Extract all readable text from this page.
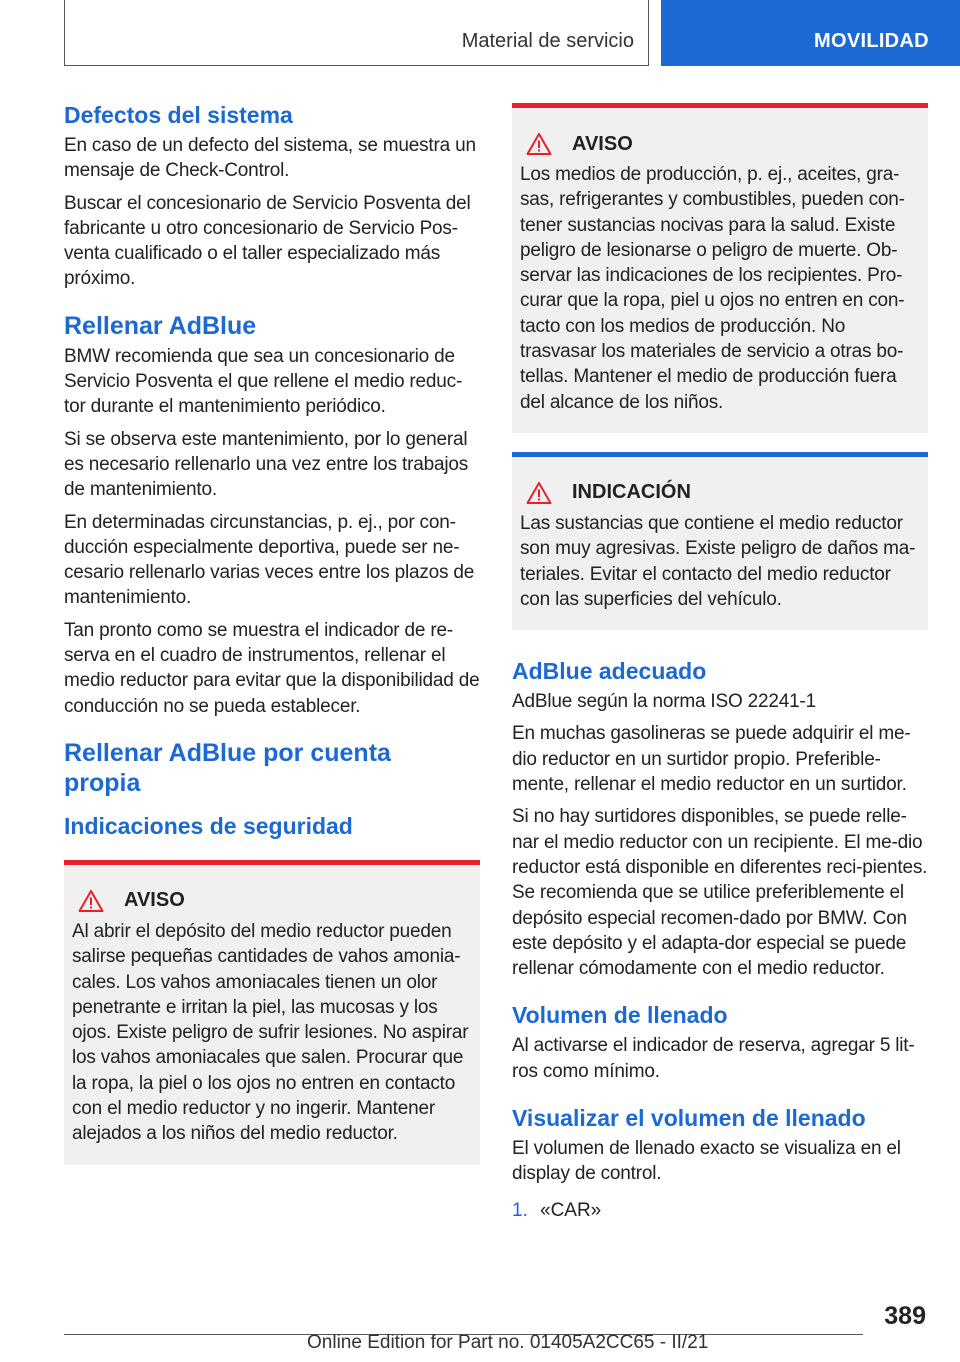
Material de servicio	MOVILIDAD
Defectos del sistema

En caso de un defecto del sistema, se muestra un mensaje de Check-Control.

Buscar el concesionario de Servicio Posventa del fabricante u otro concesionario de Servicio Pos-venta cualificado o el taller especializado más próximo.

Rellenar AdBlue

BMW recomienda que sea un concesionario de Servicio Posventa el que rellene el medio reduc-tor durante el mantenimiento periódico.

Si se observa este mantenimiento, por lo general es necesario rellenarlo una vez entre los trabajos de mantenimiento.

En determinadas circunstancias, p. ej., por con-ducción especialmente deportiva, puede ser ne-cesario rellenarlo varias veces entre los plazos de mantenimiento.

Tan pronto como se muestra el indicador de re-serva en el cuadro de instrumentos, rellenar el medio reductor para evitar que la disponibilidad de conducción no se pueda establecer.

Rellenar AdBlue por cuenta
propia
Indicaciones de seguridad
AVISO
Al abrir el depósito del medio reductor pueden salirse pequeñas cantidades de vahos amonia-cales. Los vahos amoniacales tienen un olor penetrante e irritan la piel, las mucosas y los ojos. Existe peligro de sufrir lesiones. No aspirar los vahos amoniacales que salen. Procurar que la ropa, la piel o los ojos no entren en contacto con el medio reductor y no ingerir. Mantener alejados a los niños del medio reductor.
AVISO
Los medios de producción, p. ej., aceites, gra-sas, refrigerantes y combustibles, pueden con-tener sustancias nocivas para la salud. Existe peligro de lesionarse o peligro de muerte. Ob-servar las indicaciones de los recipientes. Pro-curar que la ropa, piel u ojos no entren en con-tacto con los medios de producción. No trasvasar los materiales de servicio a otras bo-tellas. Mantener el medio de producción fuera del alcance de los niños.
INDICACIÓN
Las sustancias que contiene el medio reductor son muy agresivas. Existe peligro de daños ma-teriales. Evitar el contacto del medio reductor con las superficies del vehículo.
AdBlue adecuado

AdBlue según la norma ISO 22241-1

En muchas gasolineras se puede adquirir el me-dio reductor en un surtidor propio. Preferible-mente, rellenar el medio reductor en un surtidor.

Si no hay surtidores disponibles, se puede relle-nar el medio reductor con un recipiente. El me-dio reductor está disponible en diferentes reci-pientes. Se recomienda que se utilice preferiblemente el depósito especial recomen-dado por BMW. Con este depósito y el adapta-dor especial se puede rellenar cómodamente con el medio reductor.

Volumen de llenado

Al activarse el indicador de reserva, agregar 5 lit-ros como mínimo.

Visualizar el volumen de llenado

El volumen de llenado exacto se visualiza en el display de control.

1. «CAR»
389
Online Edition for Part no. 01405A2CC65 - II/21
